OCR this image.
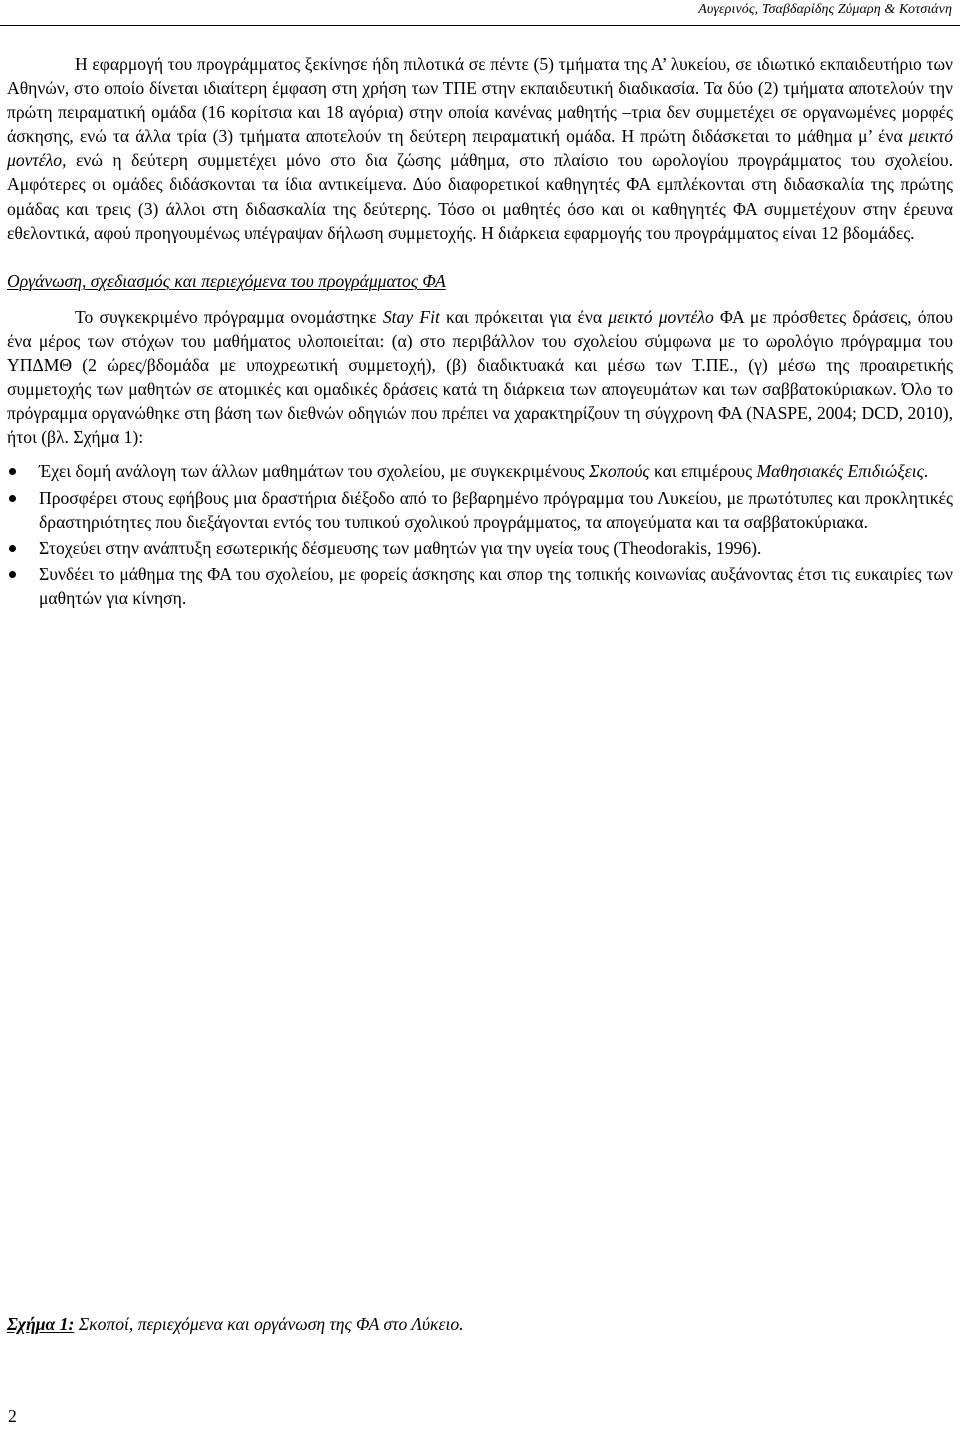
Αυγερινός, Τσαβδαρίδης Ζύμαρη & Κοτσιάνη

Η εφαρμογή του προγράμματος ξεκίνησε ήδη πιλοτικά σε πέντε (5) τμήματα της Α’ λυκείου, σε ιδιωτικό εκπαιδευτήριο των Αθηνών, στο οποίο δίνεται ιδιαίτερη έμφαση στη χρήση των ΤΠΕ στην εκπαιδευτική διαδικασία. Τα δύο (2) τμήματα αποτελούν την πρώτη πειραματική ομάδα (16 κορίτσια και 18 αγόρια) στην οποία κανένας μαθητής –τρια δεν συμμετέχει σε οργανωμένες μορφές άσκησης, ενώ τα άλλα τρία (3) τμήματα αποτελούν τη δεύτερη πειραματική ομάδα. Η πρώτη διδάσκεται το μάθημα μ’ ένα μεικτό μοντέλο, ενώ η δεύτερη συμμετέχει μόνο στο δια ζώσης μάθημα, στο πλαίσιο του ωρολογίου προγράμματος του σχολείου. Αμφότερες οι ομάδες διδάσκονται τα ίδια αντικείμενα. Δύο διαφορετικοί καθηγητές ΦΑ εμπλέκονται στη διδασκαλία της πρώτης ομάδας και τρεις (3) άλλοι στη διδασκαλία της δεύτερης. Τόσο οι μαθητές όσο και οι καθηγητές ΦΑ συμμετέχουν στην έρευνα εθελοντικά, αφού προηγουμένως υπέγραψαν δήλωση συμμετοχής. Η διάρκεια εφαρμογής του προγράμματος είναι 12 βδομάδες.

Οργάνωση, σχεδιασμός και περιεχόμενα του προγράμματος ΦΑ

Το συγκεκριμένο πρόγραμμα ονομάστηκε Stay Fit και πρόκειται για ένα μεικτό μοντέλο ΦΑ με πρόσθετες δράσεις, όπου ένα μέρος των στόχων του μαθήματος υλοποιείται: (α) στο περιβάλλον του σχολείου σύμφωνα με το ωρολόγιο πρόγραμμα του ΥΠΔΜΘ (2 ώρες/βδομάδα με υποχρεωτική συμμετοχή), (β) διαδικτυακά και μέσω των Τ.ΠΕ., (γ) μέσω της προαιρετικής συμμετοχής των μαθητών σε ατομικές και ομαδικές δράσεις κατά τη διάρκεια των απογευμάτων και των σαββατοκύριακων. Όλο το πρόγραμμα οργανώθηκε στη βάση των διεθνών οδηγιών που πρέπει να χαρακτηρίζουν τη σύγχρονη ΦΑ (NASPE, 2004; DCD, 2010), ήτοι (βλ. Σχήμα 1):

Έχει δομή ανάλογη των άλλων μαθημάτων του σχολείου, με συγκεκριμένους Σκοπούς και επιμέρους Μαθησιακές Επιδιώξεις.
Προσφέρει στους εφήβους μια δραστήρια διέξοδο από το βεβαρημένο πρόγραμμα του Λυκείου, με πρωτότυπες και προκλητικές δραστηριότητες που διεξάγονται εντός του τυπικού σχολικού προγράμματος, τα απογεύματα και τα σαββατοκύριακα.
Στοχεύει στην ανάπτυξη εσωτερικής δέσμευσης των μαθητών για την υγεία τους (Theodorakis, 1996).
Συνδέει το μάθημα της ΦΑ του σχολείου, με φορείς άσκησης και σπορ της τοπικής κοινωνίας αυξάνοντας έτσι τις ευκαιρίες των μαθητών για κίνηση.
Σχήμα 1: Σκοποί, περιεχόμενα και οργάνωση της ΦΑ στο Λύκειο.
2
